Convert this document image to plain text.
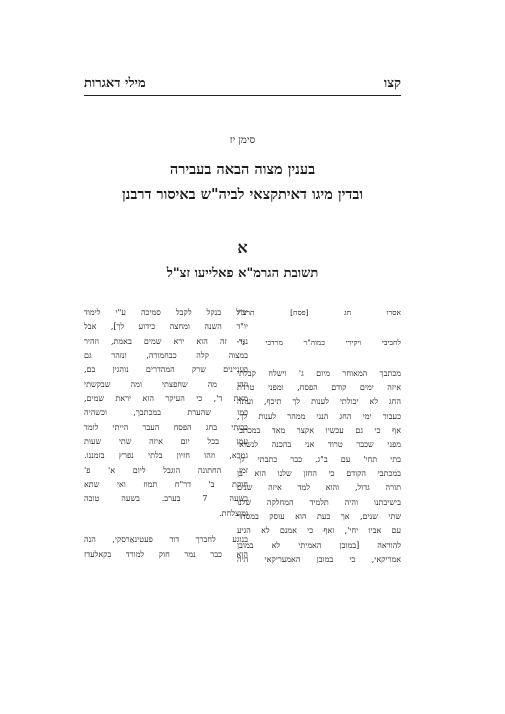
קצו
מילי דאגרות
סימן יז
בענין מצוה הבאה בעבירה
ובדין מיגו דאיתקצאי לביה"ש באיסור דרבנן
א
תשובת הגרמ"א פאלייעו זצ"ל
אסרו חג [פסח] תרצ"ו
לחביבי ויקירי כמוה"ר מרדכי נ"י
מכתבך המאוחר מיום ג' וישלח קבלתי
איזה ימים קודם הפסח, ומפני טרדת
החג לא יכולתי לענות לך תיכף, ועתה
כעבור ימי החג הנני ממהר לענות לך,
אף כי גם עכשיו אקצר מאד במכתבי
מפני שכבר טרוד אני בהכנה לנשואי
בתי תחי' עם ב"ג. כבר כתבתי לך
במכתבי הקודם כי החזן שלנו הוא בן
תורה גדול, והוא למד איזה שנים
בישיבתנו והיה תלמיד המחלקה שלנו
שתי שנים, אך כעת הוא עוסק במסחר
עם אביו יחי', ואף כי אמנם לא הגיע
להוראה [במובן האמיתי לא במובן
אמריקאי, כי במובן האמעריקאי היה
יכול בנקל לקבל סמיכה ע"י לימוד
יו"ד השנה ומחצה כידוע לך], אבל
נגד זה הוא ירא שמים באמת, וזהיר
במצוה קלה כבחמורה, ונזהר גם
בעניינים שרק המהדרים נוהגין בם,
וזהו מה שחפצתי ומה שבקשתי
מאת ד', כי העיקר הוא יראת שמים,
כמו שהערת במכתבך, וכשהיה
בביתי בחג הפסח העבר הייתי לומד
עמו בכל יום איזה שתי שעות
גמרא, וזהו חזיון בלתי נפרץ בזמננו.
זמן החתונה הוגבל ליום א' פ'
חוקת ב' דר"ח תמוז ואי שתא
בשעה 7 בערב. בשעה טובה
ומוצלחת.
בנוגע לחברך דוד פעטינאַרסקי, הנה
הוא כבר נמר חוק למורד בקאלעדז
